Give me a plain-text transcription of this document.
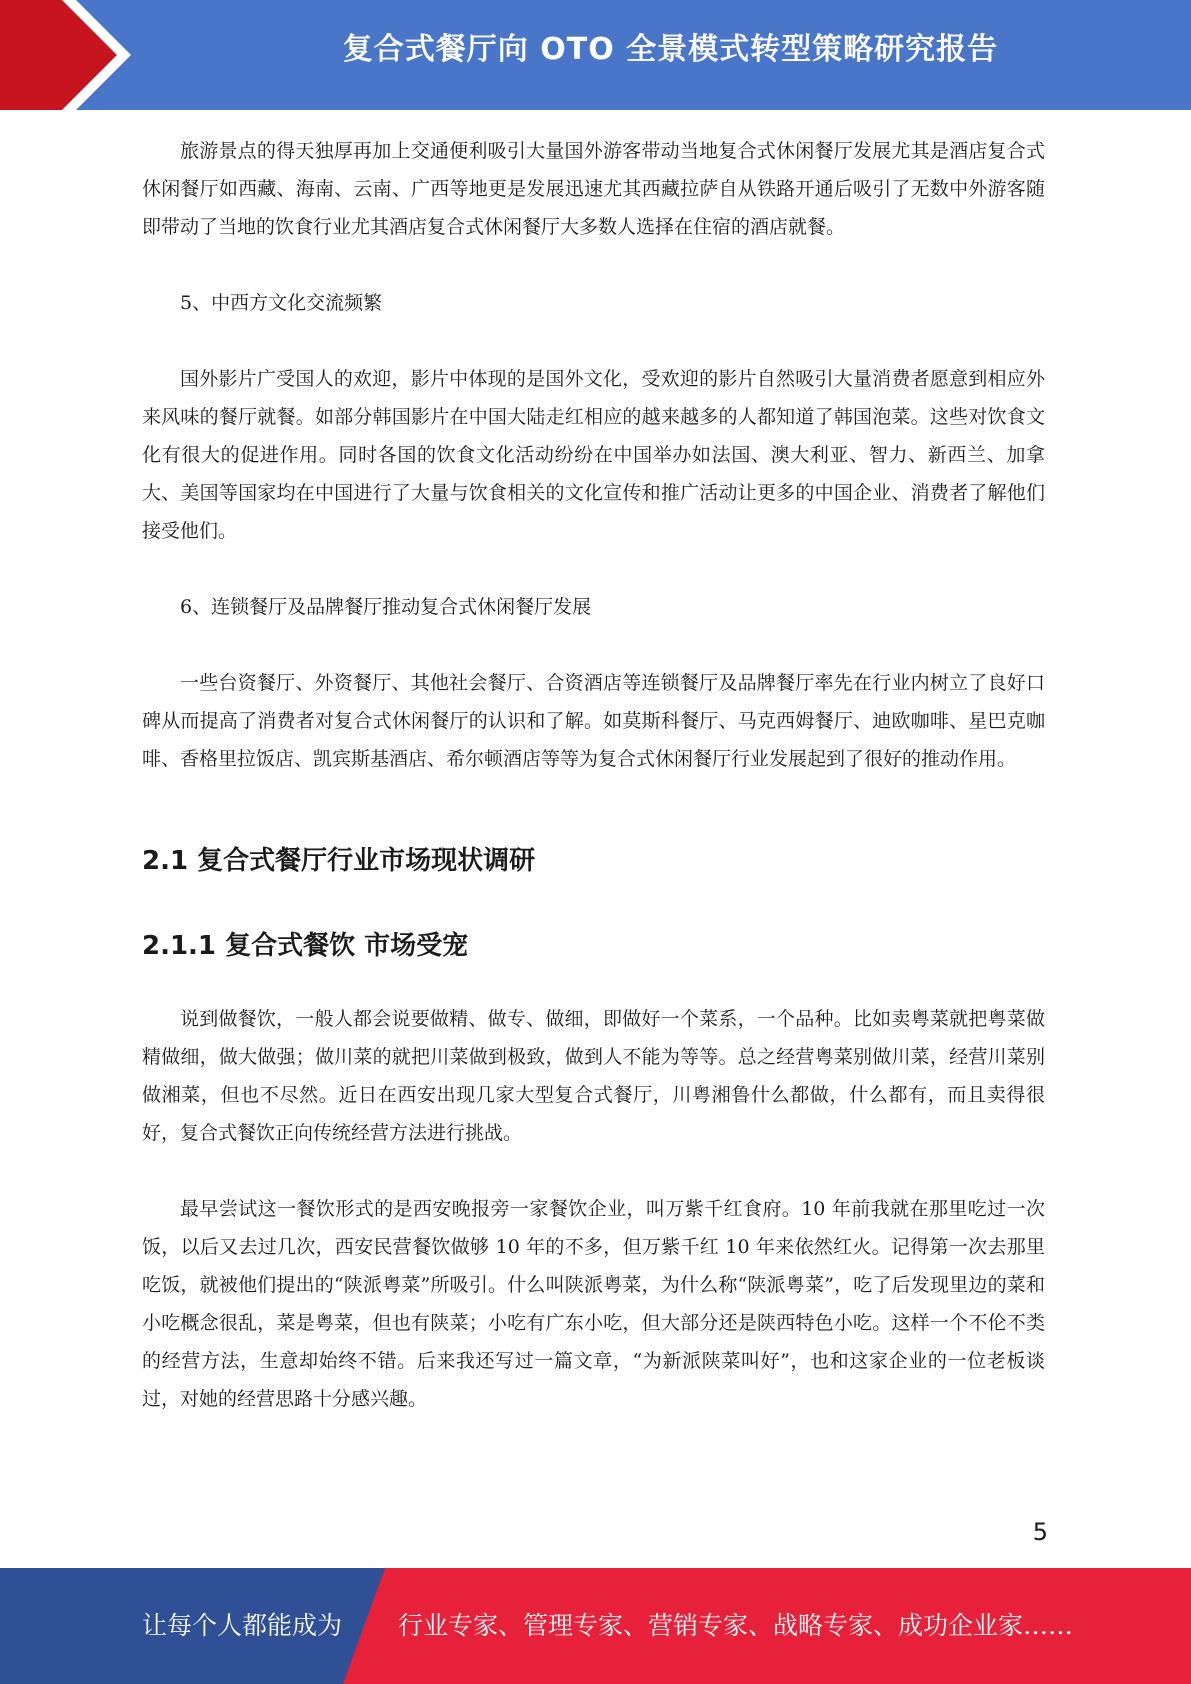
复合式餐厅向 OTO 全景模式转型策略研究报告

旅游景点的得天独厚再加上交通便利吸引大量国外游客带动当地复合式休闲餐厅发展尤其是酒店复合式休闲餐厅如西藏、海南、云南、广西等地更是发展迅速尤其西藏拉萨自从铁路开通后吸引了无数中外游客随即带动了当地的饮食行业尤其酒店复合式休闲餐厅大多数人选择在住宿的酒店就餐。

5、中西方文化交流频繁

国外影片广受国人的欢迎，影片中体现的是国外文化，受欢迎的影片自然吸引大量消费者愿意到相应外来风味的餐厅就餐。如部分韩国影片在中国大陆走红相应的越来越多的人都知道了韩国泡菜。这些对饮食文化有很大的促进作用。同时各国的饮食文化活动纷纷在中国举办如法国、澳大利亚、智力、新西兰、加拿大、美国等国家均在中国进行了大量与饮食相关的文化宣传和推广活动让更多的中国企业、消费者了解他们接受他们。

6、连锁餐厅及品牌餐厅推动复合式休闲餐厅发展

一些台资餐厅、外资餐厅、其他社会餐厅、合资酒店等连锁餐厅及品牌餐厅率先在行业内树立了良好口碑从而提高了消费者对复合式休闲餐厅的认识和了解。如莫斯科餐厅、马克西姆餐厅、迪欧咖啡、星巴克咖啡、香格里拉饭店、凯宾斯基酒店、希尔顿酒店等等为复合式休闲餐厅行业发展起到了很好的推动作用。

2.1 复合式餐厅行业市场现状调研
2.1.1 复合式餐饮 市场受宠

说到做餐饮，一般人都会说要做精、做专、做细，即做好一个菜系，一个品种。比如卖粤菜就把粤菜做精做细，做大做强；做川菜的就把川菜做到极致，做到人不能为等等。总之经营粤菜别做川菜，经营川菜别做湘菜，但也不尽然。近日在西安出现几家大型复合式餐厅，川粤湘鲁什么都做，什么都有，而且卖得很好，复合式餐饮正向传统经营方法进行挑战。

最早尝试这一餐饮形式的是西安晚报旁一家餐饮企业，叫万紫千红食府。10 年前我就在那里吃过一次饭，以后又去过几次，西安民营餐饮做够 10 年的不多，但万紫千红 10 年来依然红火。记得第一次去那里吃饭，就被他们提出的“陕派粤菜”所吸引。什么叫陕派粤菜，为什么称“陕派粤菜”，吃了后发现里边的菜和小吃概念很乱，菜是粤菜，但也有陕菜；小吃有广东小吃，但大部分还是陕西特色小吃。这样一个不伦不类的经营方法，生意却始终不错。后来我还写过一篇文章，“为新派陕菜叫好”，也和这家企业的一位老板谈过，对她的经营思路十分感兴趣。

5
让每个人都能成为 行业专家、管理专家、营销专家、战略专家、成功企业家……
